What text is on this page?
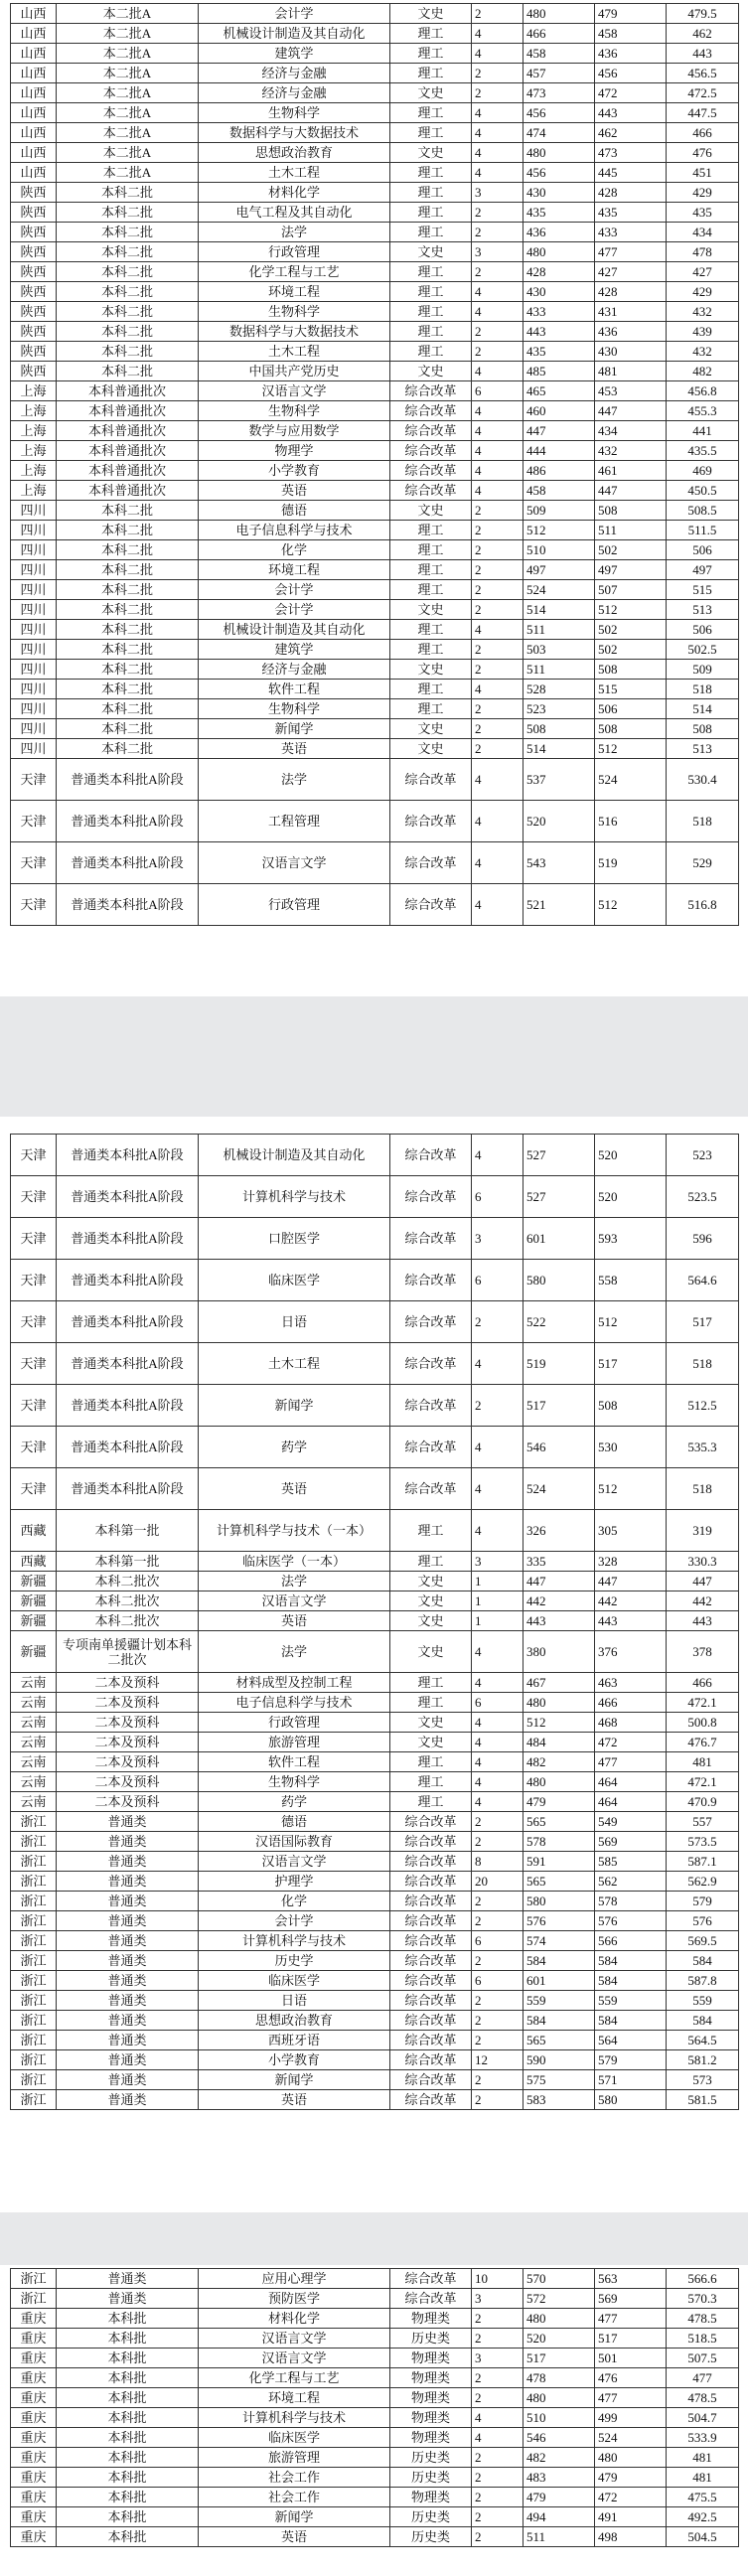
山西	本二批A	会计学	文史	2	480	479	479.5
山西	本二批A	机械设计制造及其自动化	理工	4	466	458	462
山西	本二批A	建筑学	理工	4	458	436	443
山西	本二批A	经济与金融	理工	2	457	456	456.5
山西	本二批A	经济与金融	文史	2	473	472	472.5
山西	本二批A	生物科学	理工	4	456	443	447.5
山西	本二批A	数据科学与大数据技术	理工	4	474	462	466
山西	本二批A	思想政治教育	文史	4	480	473	476
山西	本二批A	土木工程	理工	4	456	445	451
陕西	本科二批	材料化学	理工	3	430	428	429
陕西	本科二批	电气工程及其自动化	理工	2	435	435	435
陕西	本科二批	法学	理工	2	436	433	434
陕西	本科二批	行政管理	文史	3	480	477	478
陕西	本科二批	化学工程与工艺	理工	2	428	427	427
陕西	本科二批	环境工程	理工	4	430	428	429
陕西	本科二批	生物科学	理工	4	433	431	432
陕西	本科二批	数据科学与大数据技术	理工	2	443	436	439
陕西	本科二批	土木工程	理工	2	435	430	432
陕西	本科二批	中国共产党历史	文史	4	485	481	482
上海	本科普通批次	汉语言文学	综合改革	6	465	453	456.8
上海	本科普通批次	生物科学	综合改革	4	460	447	455.3
上海	本科普通批次	数学与应用数学	综合改革	4	447	434	441
上海	本科普通批次	物理学	综合改革	4	444	432	435.5
上海	本科普通批次	小学教育	综合改革	4	486	461	469
上海	本科普通批次	英语	综合改革	4	458	447	450.5
四川	本科二批	德语	文史	2	509	508	508.5
四川	本科二批	电子信息科学与技术	理工	2	512	511	511.5
四川	本科二批	化学	理工	2	510	502	506
四川	本科二批	环境工程	理工	2	497	497	497
四川	本科二批	会计学	理工	2	524	507	515
四川	本科二批	会计学	文史	2	514	512	513
四川	本科二批	机械设计制造及其自动化	理工	4	511	502	506
四川	本科二批	建筑学	理工	2	503	502	502.5
四川	本科二批	经济与金融	文史	2	511	508	509
四川	本科二批	软件工程	理工	4	528	515	518
四川	本科二批	生物科学	理工	2	523	506	514
四川	本科二批	新闻学	文史	2	508	508	508
四川	本科二批	英语	文史	2	514	512	513
天津	普通类本科批A阶段	法学	综合改革	4	537	524	530.4
天津	普通类本科批A阶段	工程管理	综合改革	4	520	516	518
天津	普通类本科批A阶段	汉语言文学	综合改革	4	543	519	529
天津	普通类本科批A阶段	行政管理	综合改革	4	521	512	516.8
天津	普通类本科批A阶段	机械设计制造及其自动化	综合改革	4	527	520	523
天津	普通类本科批A阶段	计算机科学与技术	综合改革	6	527	520	523.5
天津	普通类本科批A阶段	口腔医学	综合改革	3	601	593	596
天津	普通类本科批A阶段	临床医学	综合改革	6	580	558	564.6
天津	普通类本科批A阶段	日语	综合改革	2	522	512	517
天津	普通类本科批A阶段	土木工程	综合改革	4	519	517	518
天津	普通类本科批A阶段	新闻学	综合改革	2	517	508	512.5
天津	普通类本科批A阶段	药学	综合改革	4	546	530	535.3
天津	普通类本科批A阶段	英语	综合改革	4	524	512	518
西藏	本科第一批	计算机科学与技术（一本）	理工	4	326	305	319
西藏	本科第一批	临床医学（一本）	理工	3	335	328	330.3
新疆	本科二批次	法学	文史	1	447	447	447
新疆	本科二批次	汉语言文学	文史	1	442	442	442
新疆	本科二批次	英语	文史	1	443	443	443
新疆	专项南单援疆计划本科二批次	法学	文史	4	380	376	378
云南	二本及预科	材料成型及控制工程	理工	4	467	463	466
云南	二本及预科	电子信息科学与技术	理工	6	480	466	472.1
云南	二本及预科	行政管理	文史	4	512	468	500.8
云南	二本及预科	旅游管理	文史	4	484	472	476.7
云南	二本及预科	软件工程	理工	4	482	477	481
云南	二本及预科	生物科学	理工	4	480	464	472.1
云南	二本及预科	药学	理工	4	479	464	470.9
浙江	普通类	德语	综合改革	2	565	549	557
浙江	普通类	汉语国际教育	综合改革	2	578	569	573.5
浙江	普通类	汉语言文学	综合改革	8	591	585	587.1
浙江	普通类	护理学	综合改革	20	565	562	562.9
浙江	普通类	化学	综合改革	2	580	578	579
浙江	普通类	会计学	综合改革	2	576	576	576
浙江	普通类	计算机科学与技术	综合改革	6	574	566	569.5
浙江	普通类	历史学	综合改革	2	584	584	584
浙江	普通类	临床医学	综合改革	6	601	584	587.8
浙江	普通类	日语	综合改革	2	559	559	559
浙江	普通类	思想政治教育	综合改革	2	584	584	584
浙江	普通类	西班牙语	综合改革	2	565	564	564.5
浙江	普通类	小学教育	综合改革	12	590	579	581.2
浙江	普通类	新闻学	综合改革	2	575	571	573
浙江	普通类	英语	综合改革	2	583	580	581.5
浙江	普通类	应用心理学	综合改革	10	570	563	566.6
浙江	普通类	预防医学	综合改革	3	572	569	570.3
重庆	本科批	材料化学	物理类	2	480	477	478.5
重庆	本科批	汉语言文学	历史类	2	520	517	518.5
重庆	本科批	汉语言文学	物理类	3	517	501	507.5
重庆	本科批	化学工程与工艺	物理类	2	478	476	477
重庆	本科批	环境工程	物理类	2	480	477	478.5
重庆	本科批	计算机科学与技术	物理类	4	510	499	504.7
重庆	本科批	临床医学	物理类	4	546	524	533.9
重庆	本科批	旅游管理	历史类	2	482	480	481
重庆	本科批	社会工作	历史类	2	483	479	481
重庆	本科批	社会工作	物理类	2	479	472	475.5
重庆	本科批	新闻学	历史类	2	494	491	492.5
重庆	本科批	英语	历史类	2	511	498	504.5
